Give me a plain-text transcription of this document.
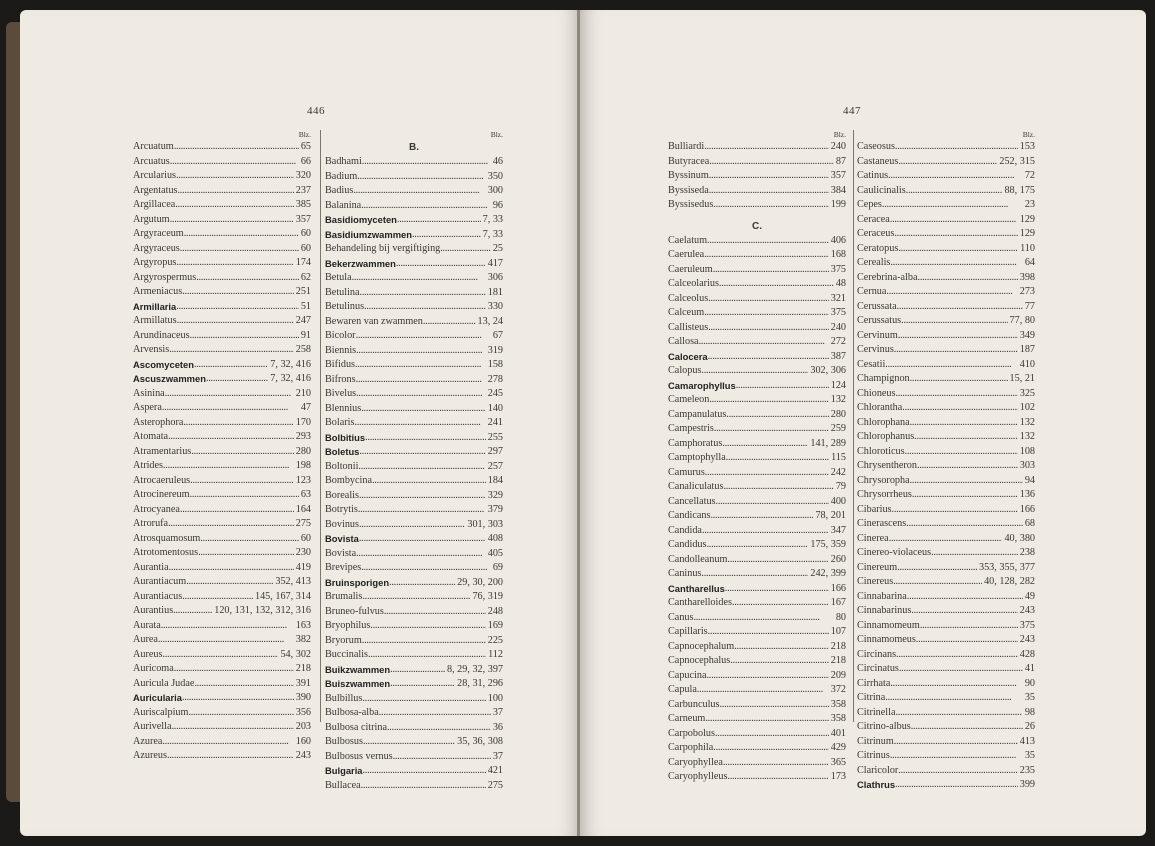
446
Blz.
Arcuatum . . .	65
Arcuatus . . .	66
Arcularius . . .	320
Argentatus . . .	237
Argillacea . . .	385
Argutum . . .	357
Argyraceum . . .	60
Argyraceus . . .	60
Argyropus . . .	174
Argyrospermus . . .	62
Armeniacus . . .	251
Armillaria . . .	51
Armillatus . . .	247
Arundinaceus . . .	91
Arvensis . . .	258
Ascomyceten . . .	7, 32, 416
Ascuszwammen . . .	7, 32, 416
Asinina . . .	210
Aspera . . .	47
Asterophora . . .	170
Atomata . . .	293
Atramentarius . . .	280
Atrides . . .	198
Atrocaeruleus . . .	123
Atrocinereum . . .	63
Atrocyanea . . .	164
Atrorufa . . .	275
Atrosquamosum . . .	60
Atrotomentosus . . .	230
Aurantia . . .	419
Aurantiacum . . .	352, 413
Aurantiacus . . .	145, 167, 314
Aurantius . . .	120, 131, 132, 312, 316
Aurata . . .	163
Aurea . . .	382
Aureus . . .	54, 302
Auricoma . . .	218
Auricula Judae . . .	391
Auricularia . . .	390
Auriscalpium . . .	356
Aurivella . . .	203
Azurea . . .	160
Azureus . . .	243
Blz.
B.
Badhami . . .	46
Badium . . .	350
Badius . . .	300
Balanina . . .	96
Basidiomyceten . . .	7, 33
Basidiumzwammen . . .	7, 33
Behandeling bij vergiftiging . . .	25
Bekerzwammen . . .	417
Betula . . .	306
Betulina . . .	181
Betulinus . . .	330
Bewaren van zwammen . . .	13, 24
Bicolor . . .	67
Biennis . . .	319
Bifidus . . .	158
Bifrons . . .	278
Bivelus . . .	245
Blennius . . .	140
Bolaris . . .	241
Bolbitius . . .	255
Boletus . . .	297
Boltonii . . .	257
Bombycina . . .	184
Borealis . . .	329
Botrytis . . .	379
Bovinus . . .	301, 303
Bovista . . .	408
Bovista . . .	405
Brevipes . . .	69
Bruinsporigen . . .	29, 30, 200
Brumalis . . .	76, 319
Bruneo-fulvus . . .	248
Bryophilus . . .	169
Bryorum . . .	225
Buccinalis . . .	112
Buikzwammen . . .	8, 29, 32, 397
Buiszwammen . . .	28, 31, 296
Bulbillus . . .	100
Bulbosa-alba . . .	37
Bulbosa citrina . . .	36
Bulbosus . . .	35, 36, 308
Bulbosus vernus . . .	37
Bulgaria . . .	421
Bullacea . . .	275
447
Blz.
Bulliardi . . .	240
Butyracea . . .	87
Byssinum . . .	357
Byssiseda . . .	384
Byssisedus . . .	199
C.
Caelatum . . .	406
Caerulea . . .	168
Caeruleum . . .	375
Calceolarius . . .	48
Calceolus . . .	321
Calceum . . .	375
Callisteus . . .	240
Callosa . . .	272
Calocera . . .	387
Calopus . . .	302, 306
Camarophyllus . . .	124
Cameleon . . .	132
Campanulatus . . .	280
Campestris . . .	259
Camphoratus . . .	141, 289
Camptophylla . . .	115
Camurus . . .	242
Canaliculatus . . .	79
Cancellatus . . .	400
Candicans . . .	78, 201
Candida . . .	347
Candidus . . .	175, 359
Candolleanum . . .	260
Caninus . . .	242, 399
Cantharellus . . .	166
Cantharelloides . . .	167
Canus . . .	80
Capillaris . . .	107
Capnocephalum . . .	218
Capnocephalus . . .	218
Capucina . . .	209
Capula . . .	372
Carbunculus . . .	358
Carneum . . .	358
Carpobolus . . .	401
Carpophila . . .	429
Caryophyllea . . .	365
Caryophylleus . . .	173
Blz.
Caseosus . . .	153
Castaneus . . .	252, 315
Catinus . . .	72
Caulicinalis . . .	88, 175
Cepes . . .	23
Ceracea . . .	129
Ceraceus . . .	129
Ceratopus . . .	110
Cerealis . . .	64
Cerebrina-alba . . .	398
Cernua . . .	273
Cerussata . . .	77
Cerussatus . . .	77, 80
Cervinum . . .	349
Cervinus . . .	187
Cesatii . . .	410
Champignon . . .	15, 21
Chioneus . . .	325
Chlorantha . . .	102
Chlorophana . . .	132
Chlorophanus . . .	132
Chloroticus . . .	108
Chrysentheron . . .	303
Chrysoropha . . .	94
Chrysorrheus . . .	136
Cibarius . . .	166
Cinerascens . . .	68
Cinerea . . .	40, 380
Cinereo-violaceus . . .	238
Cinereum . . .	353, 355, 377
Cinereus . . .	40, 128, 282
Cinnabarina . . .	49
Cinnabarinus . . .	243
Cinnamomeum . . .	375
Cinnamomeus . . .	243
Circinans . . .	428
Circinatus . . .	41
Cirrhata . . .	90
Citrina . . .	35
Citrinella . . .	98
Citrino-albus . . .	26
Citrinum . . .	413
Citrinus . . .	35
Claricolor . . .	235
Clathrus . . .	399
